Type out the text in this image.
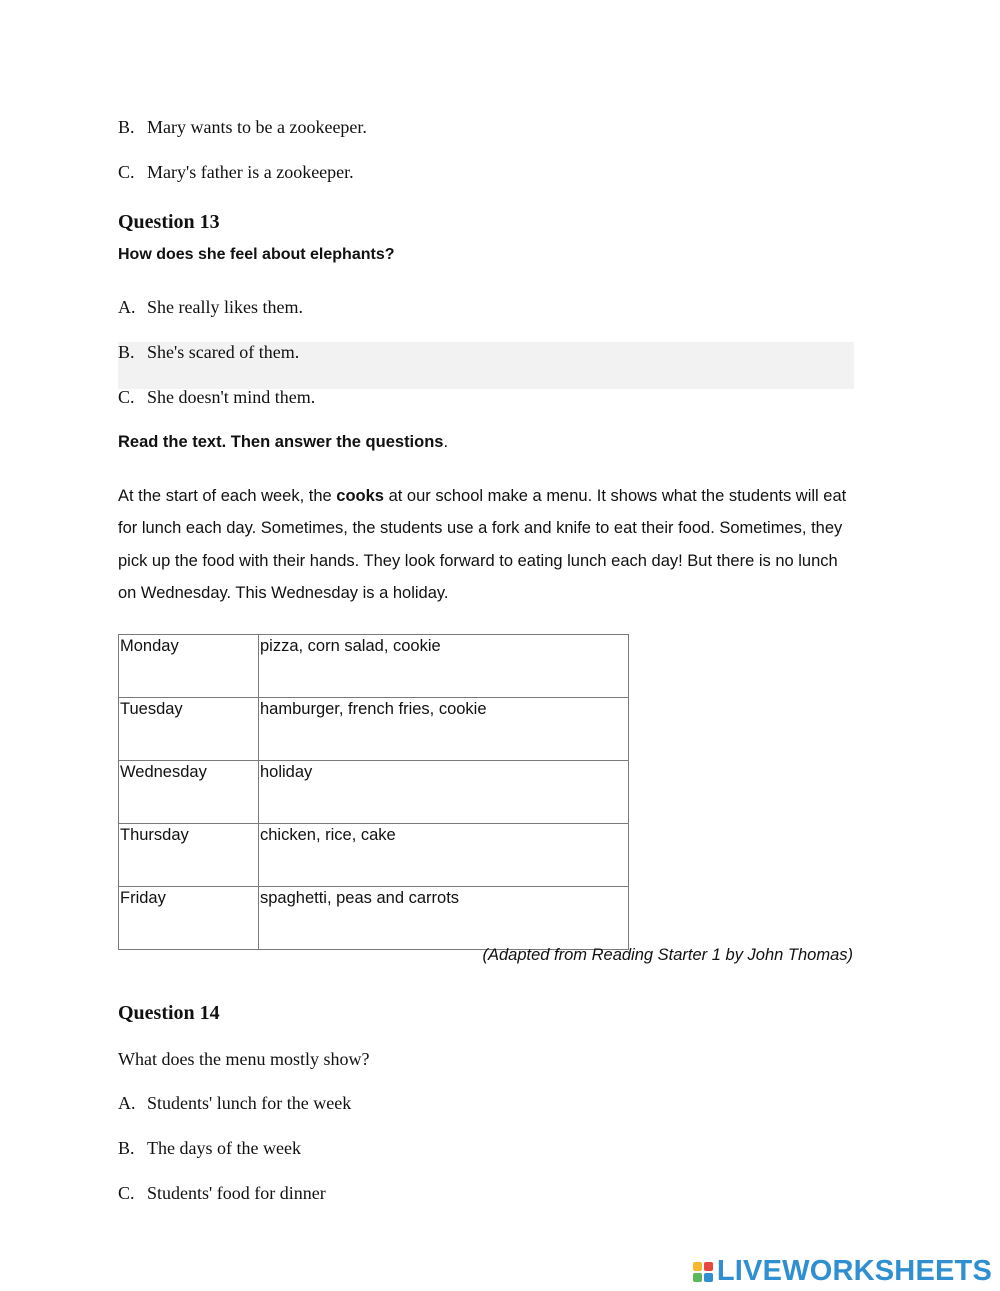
B. Mary wants to be a zookeeper.
C. Mary's father is a zookeeper.
Question 13
How does she feel about elephants?
A. She really likes them.
B. She's scared of them.
C. She doesn't mind them.
Read the text. Then answer the questions.
At the start of each week, the cooks at our school make a menu. It shows what the students will eat for lunch each day. Sometimes, the students use a fork and knife to eat their food. Sometimes, they pick up the food with their hands. They look forward to eating lunch each day! But there is no lunch on Wednesday. This Wednesday is a holiday.
Monday	pizza, corn salad, cookie
Tuesday	hamburger, french fries, cookie
Wednesday	holiday
Thursday	chicken, rice, cake
Friday	spaghetti, peas and carrots
(Adapted from Reading Starter 1 by John Thomas)
Question 14
What does the menu mostly show?
A. Students' lunch for the week
B. The days of the week
C. Students' food for dinner
LIVEWORKSHEETS
